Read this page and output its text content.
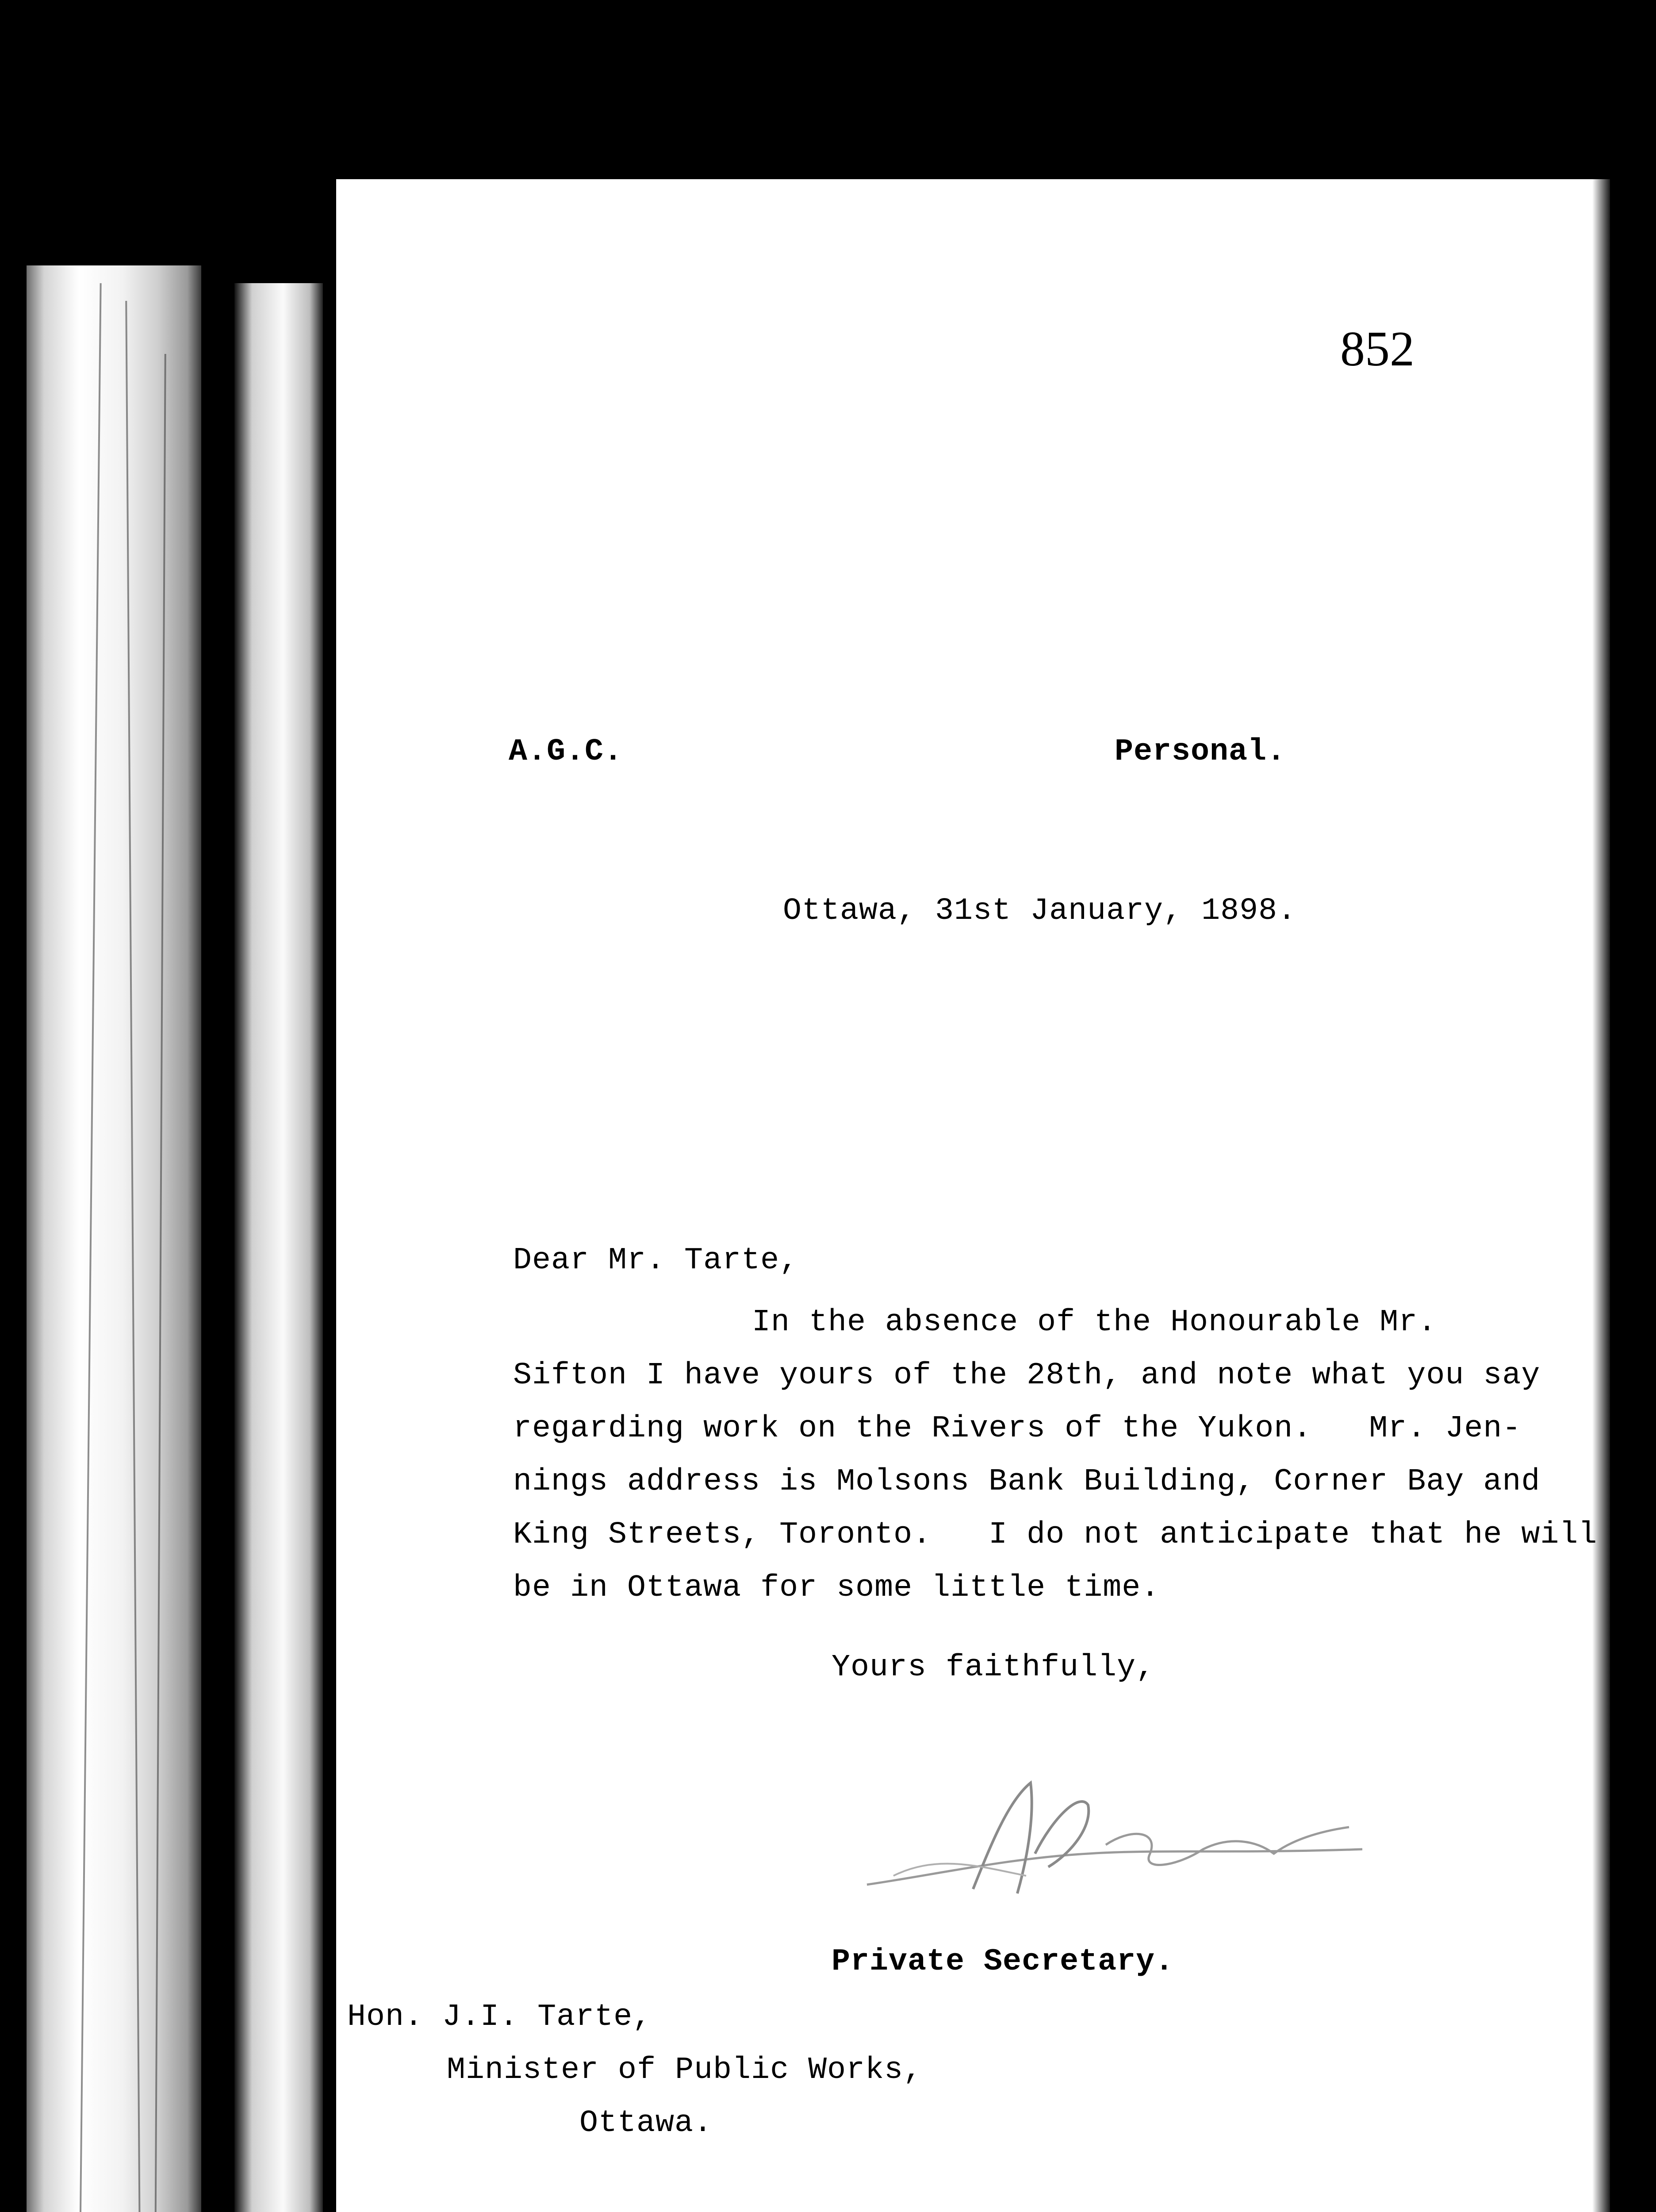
852
A.G.C.	Personal.
Ottawa, 31st January, 1898.
Dear Mr. Tarte,
In the absence of the Honourable Mr.
Sifton I have yours of the 28th, and note what you say
regarding work on the Rivers of the Yukon.   Mr. Jen-
nings address is Molsons Bank Building, Corner Bay and
King Streets, Toronto.   I do not anticipate that he will
be in Ottawa for some little time.
Yours faithfully,
Private Secretary.
Hon. J.I. Tarte,
Minister of Public Works,
Ottawa.
